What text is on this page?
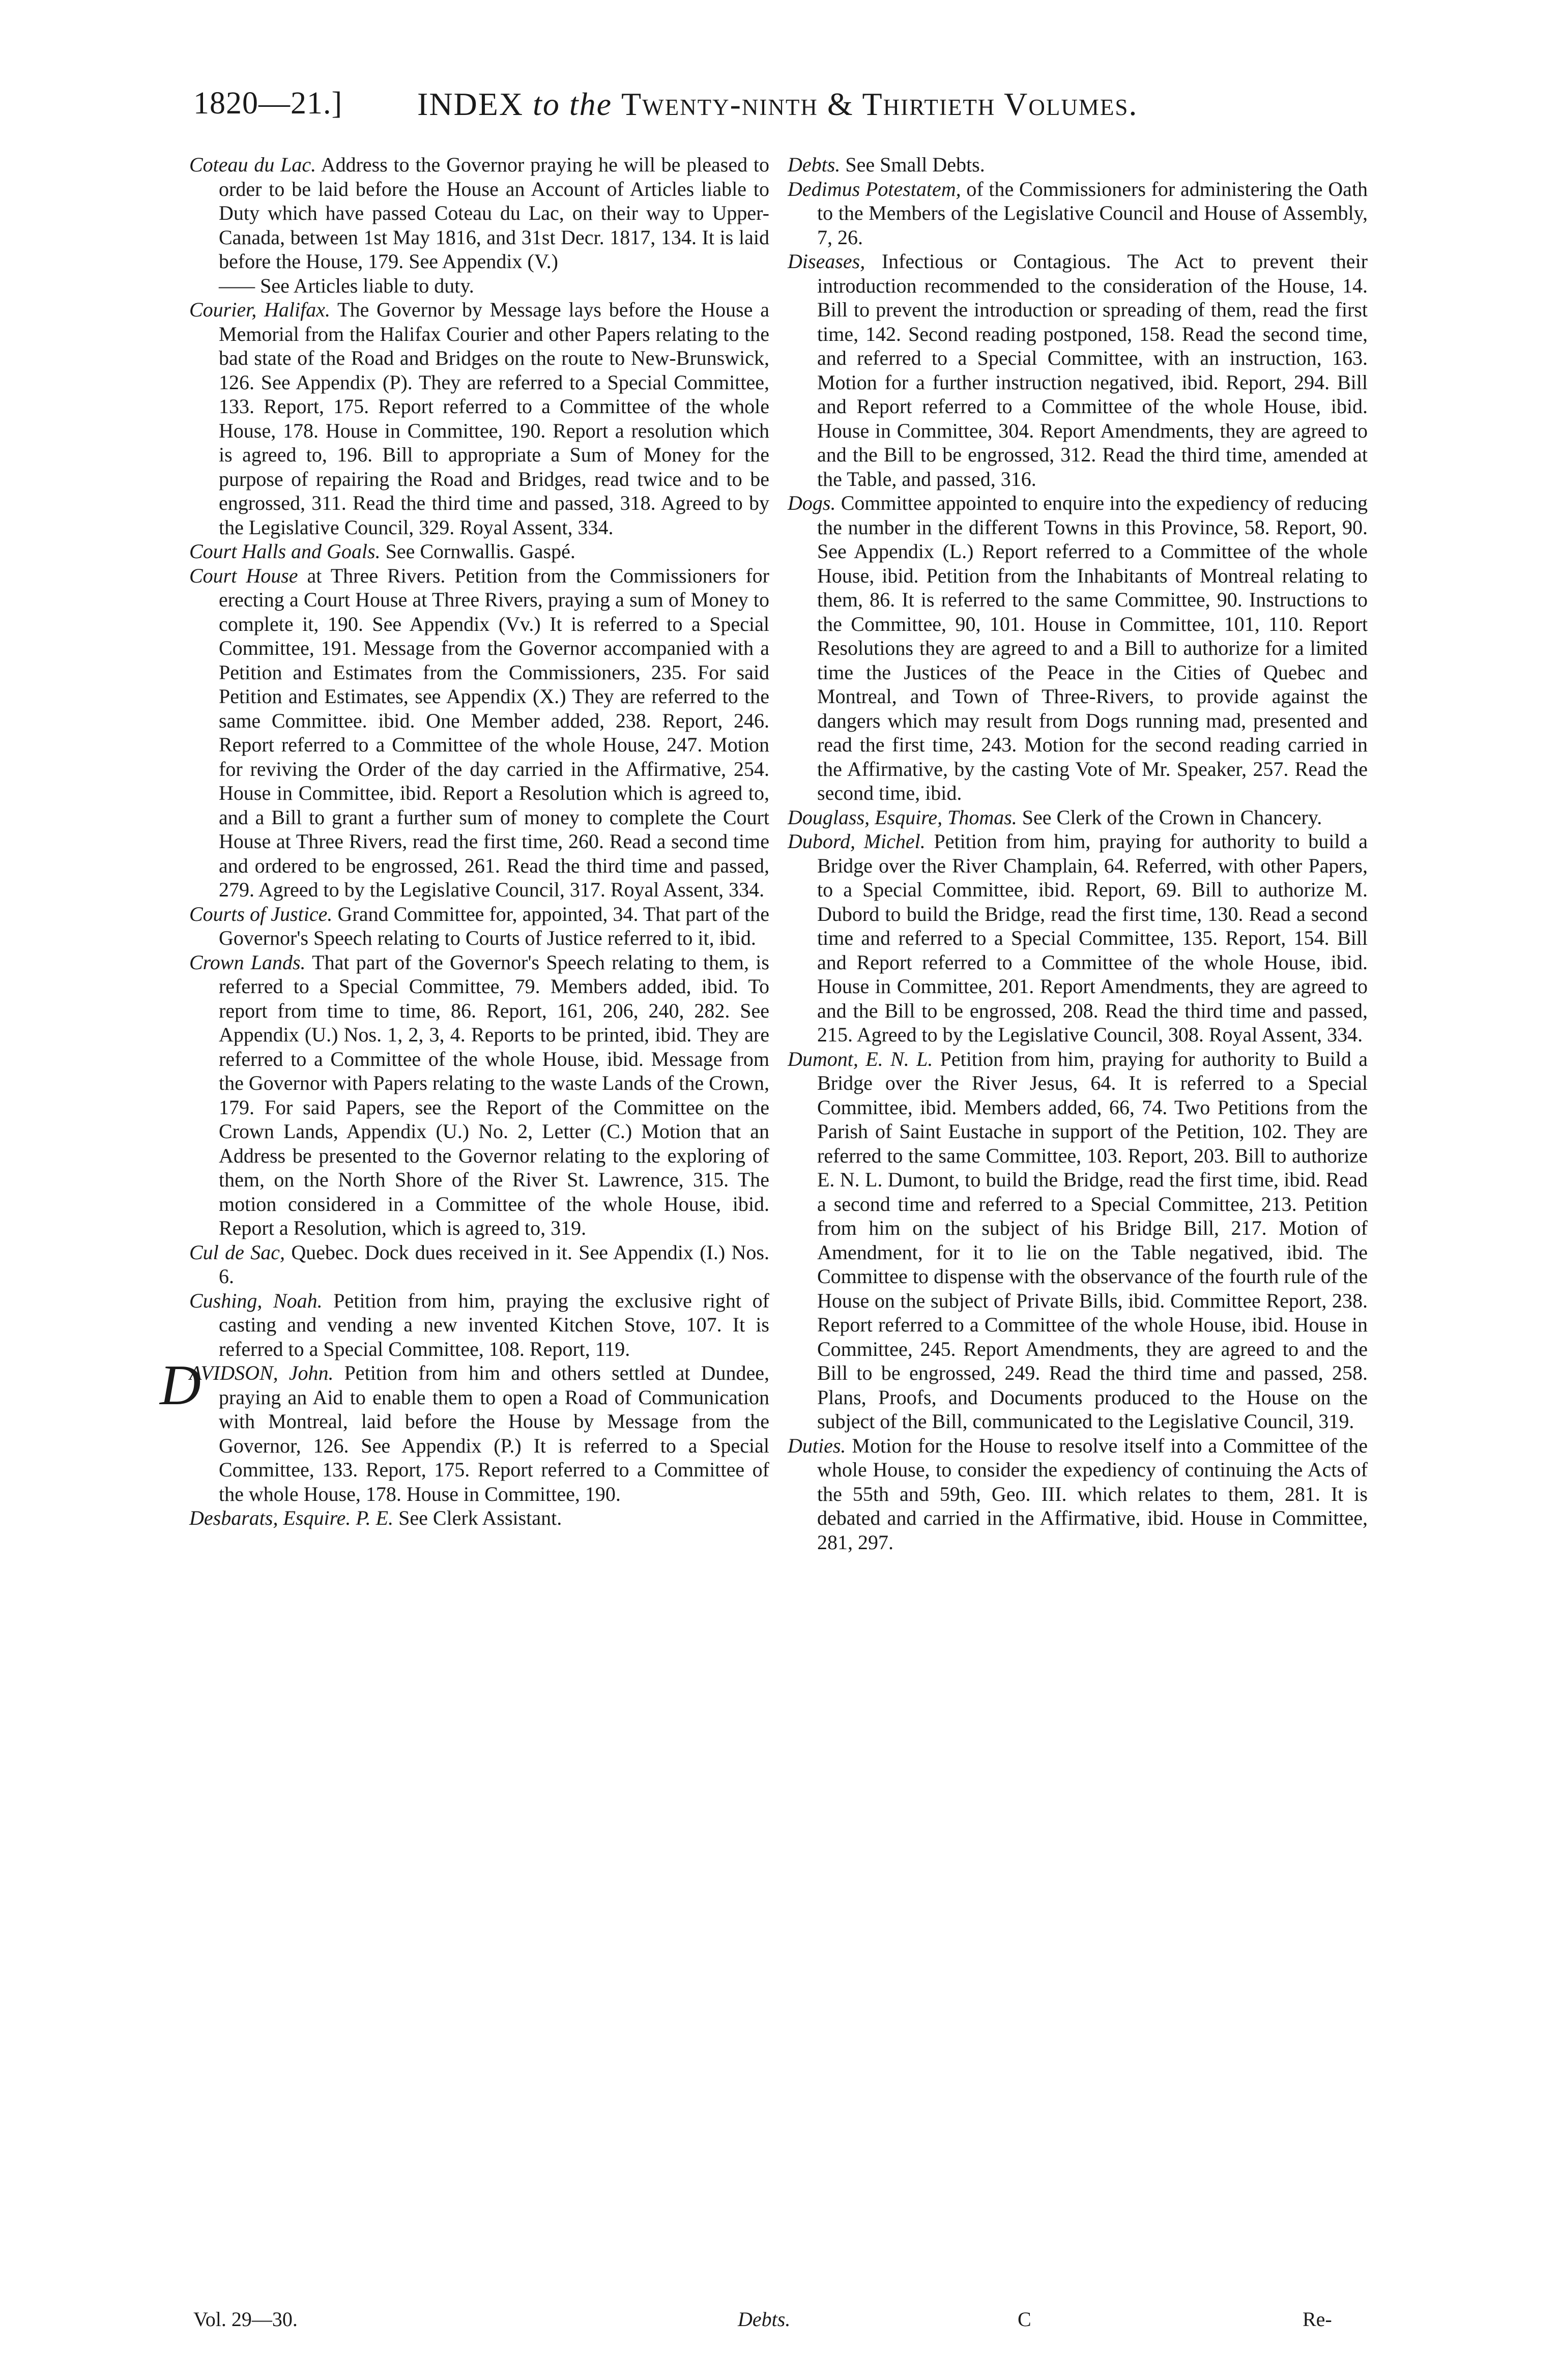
1820—21.] INDEX to the Twenty-ninth & Thirtieth Volumes.

Coteau du Lac. Address to the Governor praying he will be pleased to order to be laid before the House an Account of Articles liable to Duty which have passed Coteau du Lac, on their way to Upper-Canada, between 1st May 1816, and 31st Decr. 1817, 134. It is laid before the House, 179. See Appendix (V.)

—— See Articles liable to duty.

Courier, Halifax. The Governor by Message lays before the House a Memorial from the Halifax Courier and other Papers relating to the bad state of the Road and Bridges on the route to New-Brunswick, 126. See Appendix (P). They are referred to a Special Committee, 133. Report, 175. Report referred to a Committee of the whole House, 178. House in Committee, 190. Report a resolution which is agreed to, 196. Bill to appropriate a Sum of Money for the purpose of repairing the Road and Bridges, read twice and to be engrossed, 311. Read the third time and passed, 318. Agreed to by the Legislative Council, 329. Royal Assent, 334.

Court Halls and Goals. See Cornwallis. Gaspé.

Court House at Three Rivers. Petition from the Commissioners for erecting a Court House at Three Rivers, praying a sum of Money to complete it, 190. See Appendix (Vv.) It is referred to a Special Committee, 191. Message from the Governor accompanied with a Petition and Estimates from the Commissioners, 235. For said Petition and Estimates, see Appendix (X.) They are referred to the same Committee. ibid. One Member added, 238. Report, 246. Report referred to a Committee of the whole House, 247. Motion for reviving the Order of the day carried in the Affirmative, 254. House in Committee, ibid. Report a Resolution which is agreed to, and a Bill to grant a further sum of money to complete the Court House at Three Rivers, read the first time, 260. Read a second time and ordered to be engrossed, 261. Read the third time and passed, 279. Agreed to by the Legislative Council, 317. Royal Assent, 334.

Courts of Justice. Grand Committee for, appointed, 34. That part of the Governor's Speech relating to Courts of Justice referred to it, ibid.

Crown Lands. That part of the Governor's Speech relating to them, is referred to a Special Committee, 79. Members added, ibid. To report from time to time, 86. Report, 161, 206, 240, 282. See Appendix (U.) Nos. 1, 2, 3, 4. Reports to be printed, ibid. They are referred to a Committee of the whole House, ibid. Message from the Governor with Papers relating to the waste Lands of the Crown, 179. For said Papers, see the Report of the Committee on the Crown Lands, Appendix (U.) No. 2, Letter (C.) Motion that an Address be presented to the Governor relating to the exploring of them, on the North Shore of the River St. Lawrence, 315. The motion considered in a Committee of the whole House, ibid. Report a Resolution, which is agreed to, 319.

Cul de Sac, Quebec. Dock dues received in it. See Appendix (I.) Nos. 6.

Cushing, Noah. Petition from him, praying the exclusive right of casting and vending a new invented Kitchen Stove, 107. It is referred to a Special Committee, 108. Report, 119.

D
AVIDSON, John. Petition from him and others settled at Dundee, praying an Aid to enable them to open a Road of Communication with Montreal, laid before the House by Message from the Governor, 126. See Appendix (P.) It is referred to a Special Committee, 133. Report, 175. Report referred to a Committee of the whole House, 178. House in Committee, 190.

Desbarats, Esquire. P. E. See Clerk Assistant.

Debts. See Small Debts.

Dedimus Potestatem, of the Commissioners for administering the Oath to the Members of the Legislative Council and House of Assembly, 7, 26.

Diseases, Infectious or Contagious. The Act to prevent their introduction recommended to the consideration of the House, 14. Bill to prevent the introduction or spreading of them, read the first time, 142. Second reading postponed, 158. Read the second time, and referred to a Special Committee, with an instruction, 163. Motion for a further instruction negatived, ibid. Report, 294. Bill and Report referred to a Committee of the whole House, ibid. House in Committee, 304. Report Amendments, they are agreed to and the Bill to be engrossed, 312. Read the third time, amended at the Table, and passed, 316.

Dogs. Committee appointed to enquire into the expediency of reducing the number in the different Towns in this Province, 58. Report, 90. See Appendix (L.) Report referred to a Committee of the whole House, ibid. Petition from the Inhabitants of Montreal relating to them, 86. It is referred to the same Committee, 90. Instructions to the Committee, 90, 101. House in Committee, 101, 110. Report Resolutions they are agreed to and a Bill to authorize for a limited time the Justices of the Peace in the Cities of Quebec and Montreal, and Town of Three-Rivers, to provide against the dangers which may result from Dogs running mad, presented and read the first time, 243. Motion for the second reading carried in the Affirmative, by the casting Vote of Mr. Speaker, 257. Read the second time, ibid.

Douglass, Esquire, Thomas. See Clerk of the Crown in Chancery.

Dubord, Michel. Petition from him, praying for authority to build a Bridge over the River Champlain, 64. Referred, with other Papers, to a Special Committee, ibid. Report, 69. Bill to authorize M. Dubord to build the Bridge, read the first time, 130. Read a second time and referred to a Special Committee, 135. Report, 154. Bill and Report referred to a Committee of the whole House, ibid. House in Committee, 201. Report Amendments, they are agreed to and the Bill to be engrossed, 208. Read the third time and passed, 215. Agreed to by the Legislative Council, 308. Royal Assent, 334.

Dumont, E. N. L. Petition from him, praying for authority to Build a Bridge over the River Jesus, 64. It is referred to a Special Committee, ibid. Members added, 66, 74. Two Petitions from the Parish of Saint Eustache in support of the Petition, 102. They are referred to the same Committee, 103. Report, 203. Bill to authorize E. N. L. Dumont, to build the Bridge, read the first time, ibid. Read a second time and referred to a Special Committee, 213. Petition from him on the subject of his Bridge Bill, 217. Motion of Amendment, for it to lie on the Table negatived, ibid. The Committee to dispense with the observance of the fourth rule of the House on the subject of Private Bills, ibid. Committee Report, 238. Report referred to a Committee of the whole House, ibid. House in Committee, 245. Report Amendments, they are agreed to and the Bill to be engrossed, 249. Read the third time and passed, 258. Plans, Proofs, and Documents produced to the House on the subject of the Bill, communicated to the Legislative Council, 319.

Duties. Motion for the House to resolve itself into a Committee of the whole House, to consider the expediency of continuing the Acts of the 55th and 59th, Geo. III. which relates to them, 281. It is debated and carried in the Affirmative, ibid. House in Committee, 281, 297.

Vol. 29—30.	Debts.	C	Re-
